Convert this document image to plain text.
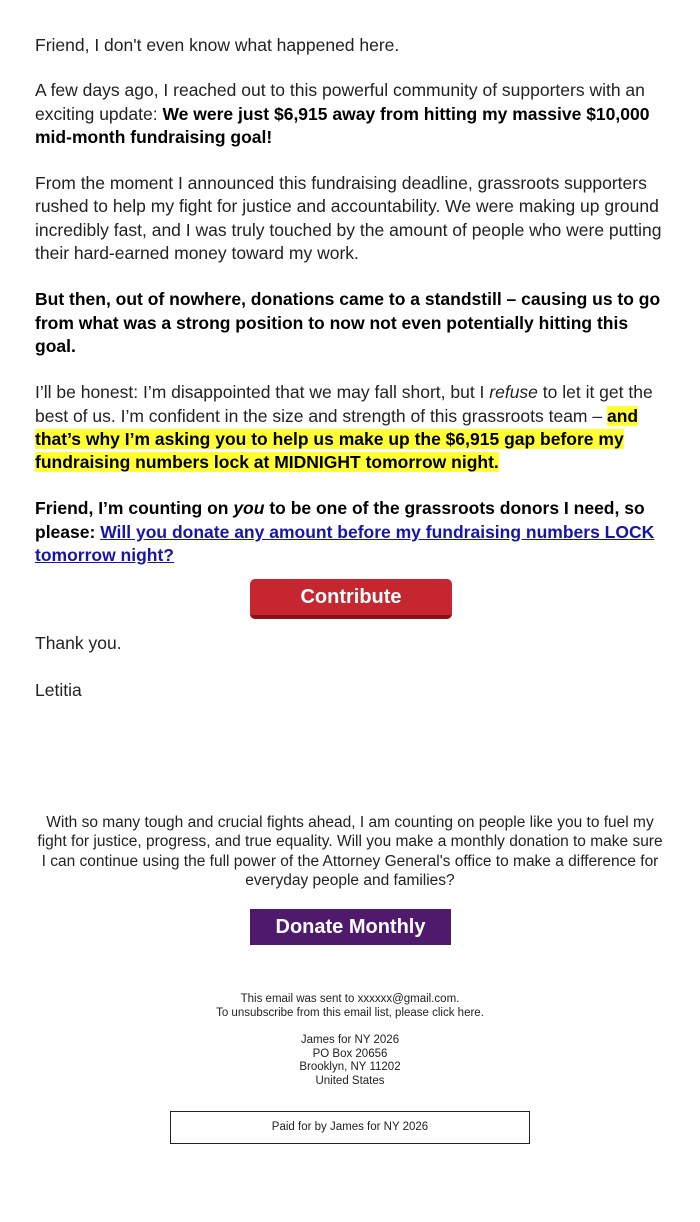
Friend, I don't even know what happened here.

A few days ago, I reached out to this powerful community of supporters with an exciting update: We were just $6,915 away from hitting my massive $10,000 mid-month fundraising goal!

From the moment I announced this fundraising deadline, grassroots supporters rushed to help my fight for justice and accountability. We were making up ground incredibly fast, and I was truly touched by the amount of people who were putting their hard-earned money toward my work.

But then, out of nowhere, donations came to a standstill – causing us to go from what was a strong position to now not even potentially hitting this goal.

I’ll be honest: I’m disappointed that we may fall short, but I refuse to let it get the best of us. I’m confident in the size and strength of this grassroots team – and that’s why I’m asking you to help us make up the $6,915 gap before my fundraising numbers lock at MIDNIGHT tomorrow night.

Friend, I’m counting on you to be one of the grassroots donors I need, so please: Will you donate any amount before my fundraising numbers LOCK tomorrow night?

Contribute

Thank you.

Letitia

With so many tough and crucial fights ahead, I am counting on people like you to fuel my fight for justice, progress, and true equality. Will you make a monthly donation to make sure I can continue using the full power of the Attorney General's office to make a difference for everyday people and families?
Donate Monthly
This email was sent to xxxxxx@gmail.com.
To unsubscribe from this email list, please click here.
James for NY 2026
PO Box 20656
Brooklyn, NY 11202
United States
Paid for by James for NY 2026
